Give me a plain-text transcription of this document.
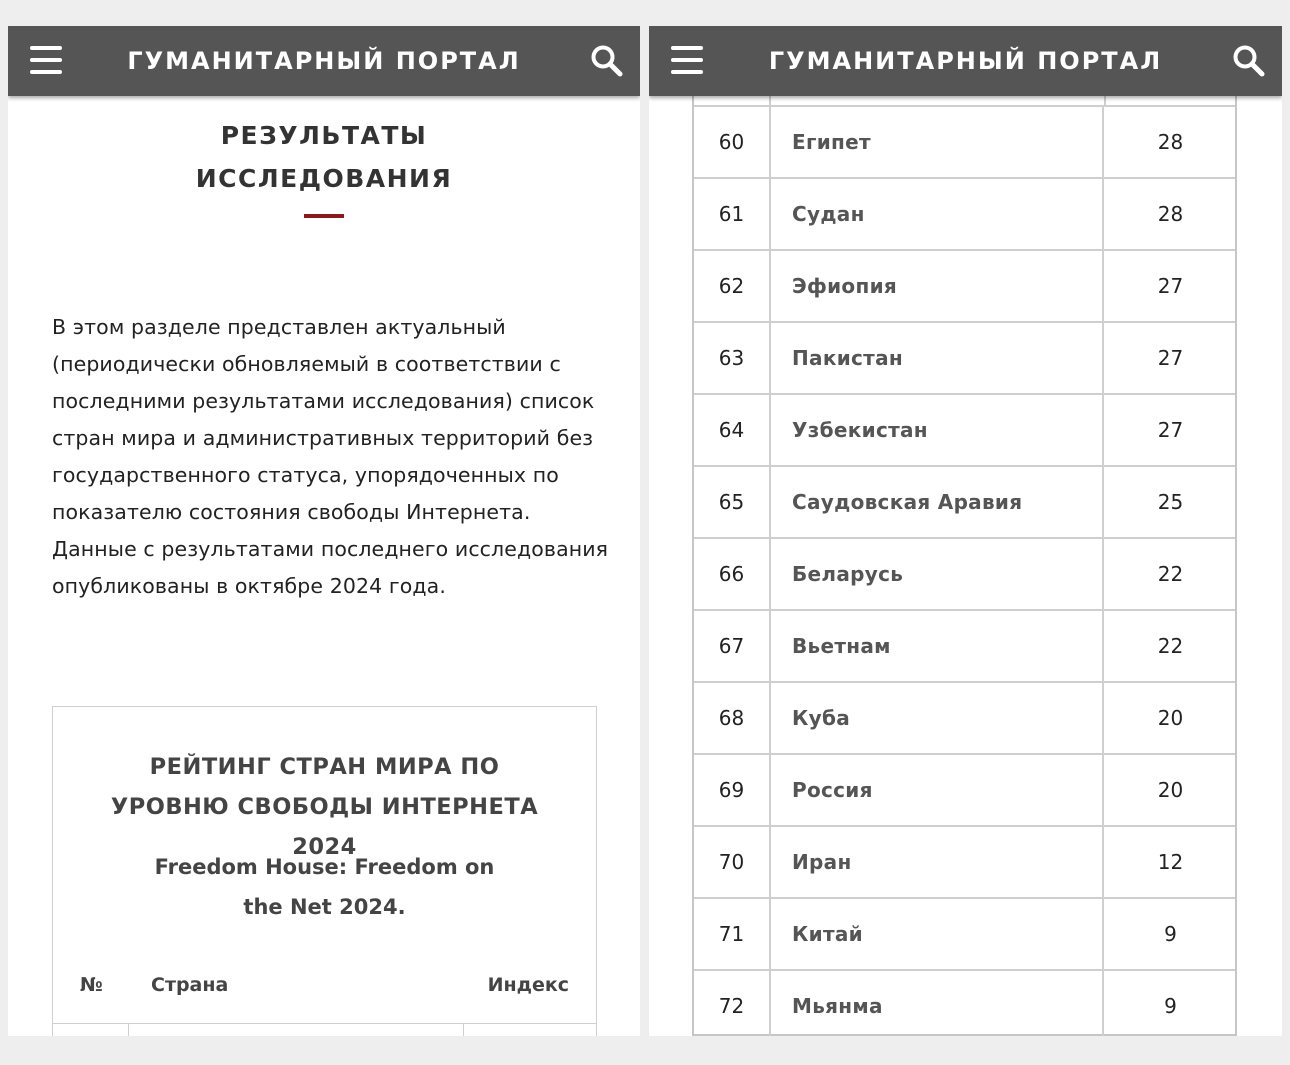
ГУМАНИТАРНЫЙ ПОРТАЛ
РЕЗУЛЬТАТЫ ИССЛЕДОВАНИЯ

В этом разделе представлен актуальный (периодически обновляемый в соответствии с последними результатами исследования) список стран мира и административных территорий без государственного статуса, упорядоченных по показателю состояния свободы Интернета. Данные с результатами последнего исследования опубликованы в октябре 2024 года.

РЕЙТИНГ СТРАН МИРА ПО УРОВНЮ СВОБОДЫ ИНТЕРНЕТА 2024
Freedom House: Freedom on the Net 2024.
№	Страна	Индекс
ГУМАНИТАРНЫЙ ПОРТАЛ
60	Египет	28
61	Судан	28
62	Эфиопия	27
63	Пакистан	27
64	Узбекистан	27
65	Саудовская Аравия	25
66	Беларусь	22
67	Вьетнам	22
68	Куба	20
69	Россия	20
70	Иран	12
71	Китай	9
72	Мьянма	9
